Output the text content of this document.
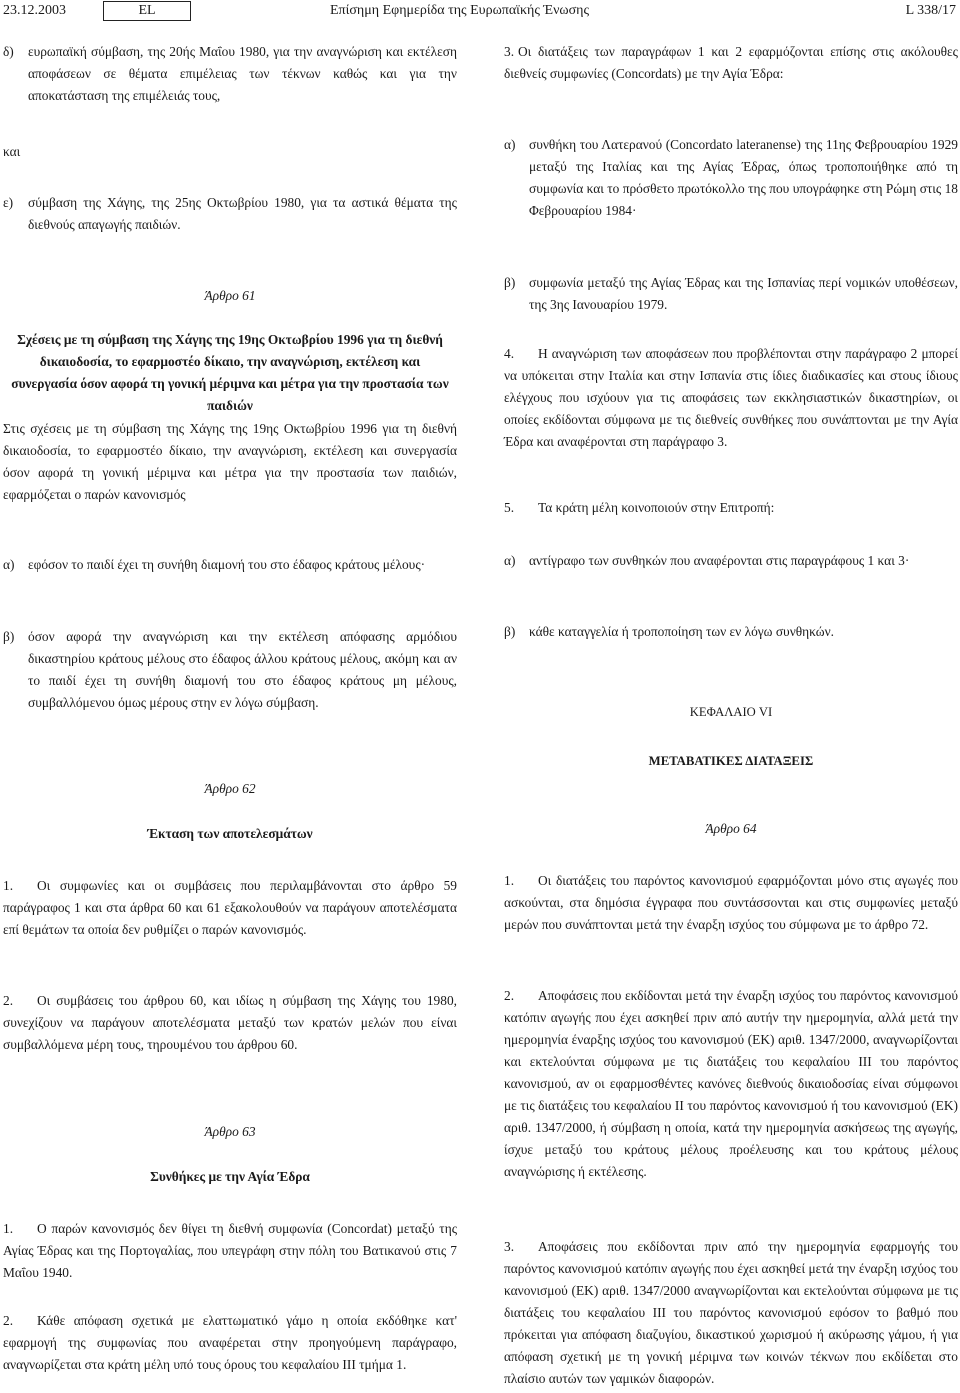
23.12.2003	EL	Επίσημη Εφημερίδα της Ευρωπαϊκής Ένωσης	L 338/17
δ)	ευρωπαϊκή σύμβαση, της 20ής Μαΐου 1980, για την αναγνώριση και εκτέλεση αποφάσεων σε θέματα επιμέλειας των τέκνων καθώς και για την αποκατάσταση της επιμέλειάς τους,
και
ε)	σύμβαση της Χάγης, της 25ης Οκτωβρίου 1980, για τα αστικά θέματα της διεθνούς απαγωγής παιδιών.
Άρθρο 61
Σχέσεις με τη σύμβαση της Χάγης της 19ης Οκτωβρίου 1996 για τη διεθνή δικαιοδοσία, το εφαρμοστέο δίκαιο, την αναγνώριση, εκτέλεση και συνεργασία όσον αφορά τη γονική μέριμνα και μέτρα για την προστασία των παιδιών
Στις σχέσεις με τη σύμβαση της Χάγης της 19ης Οκτωβρίου 1996 για τη διεθνή δικαιοδοσία, το εφαρμοστέο δίκαιο, την αναγνώριση, εκτέλεση και συνεργασία όσον αφορά τη γονική μέριμνα και μέτρα για την προστασία των παιδιών, εφαρμόζεται ο παρών κανονισμός
α)	εφόσον το παιδί έχει τη συνήθη διαμονή του στο έδαφος κράτους μέλους·
β)	όσον αφορά την αναγνώριση και την εκτέλεση απόφασης αρμόδιου δικαστηρίου κράτους μέλους στο έδαφος άλλου κράτους μέλους, ακόμη και αν το παιδί έχει τη συνήθη διαμονή του στο έδαφος κράτους μη μέλους, συμβαλλόμενου όμως μέρους στην εν λόγω σύμβαση.
Άρθρο 62
Έκταση των αποτελεσμάτων
1. Οι συμφωνίες και οι συμβάσεις που περιλαμβάνονται στο άρθρο 59 παράγραφος 1 και στα άρθρα 60 και 61 εξακολουθούν να παράγουν αποτελέσματα επί θεμάτων τα οποία δεν ρυθμίζει ο παρών κανονισμός.
2. Οι συμβάσεις του άρθρου 60, και ιδίως η σύμβαση της Χάγης του 1980, συνεχίζουν να παράγουν αποτελέσματα μεταξύ των κρατών μελών που είναι συμβαλλόμενα μέρη τους, τηρουμένου του άρθρου 60.
Άρθρο 63
Συνθήκες με την Αγία Έδρα
1. Ο παρών κανονισμός δεν θίγει τη διεθνή συμφωνία (Concordat) μεταξύ της Αγίας Έδρας και της Πορτογαλίας, που υπεγράφη στην πόλη του Βατικανού στις 7 Μαΐου 1940.
2. Κάθε απόφαση σχετικά με ελαττωματικό γάμο η οποία εκδόθηκε κατ' εφαρμογή της συμφωνίας που αναφέρεται στην προηγούμενη παράγραφο, αναγνωρίζεται στα κράτη μέλη υπό τους όρους του κεφαλαίου ΙΙΙ τμήμα 1.
3. Οι διατάξεις των παραγράφων 1 και 2 εφαρμόζονται επίσης στις ακόλουθες διεθνείς συμφωνίες (Concordats) με την Αγία Έδρα:
α)	συνθήκη του Λατερανού (Concordato lateranense) της 11ης Φεβρουαρίου 1929 μεταξύ της Ιταλίας και της Αγίας Έδρας, όπως τροποποιήθηκε από τη συμφωνία και το πρόσθετο πρωτόκολλο της που υπογράφηκε στη Ρώμη στις 18 Φεβρουαρίου 1984·
β)	συμφωνία μεταξύ της Αγίας Έδρας και της Ισπανίας περί νομικών υποθέσεων, της 3ης Ιανουαρίου 1979.
4. Η αναγνώριση των αποφάσεων που προβλέπονται στην παράγραφο 2 μπορεί να υπόκειται στην Ιταλία και στην Ισπανία στις ίδιες διαδικασίες και στους ίδιους ελέγχους που ισχύουν για τις αποφάσεις των εκκλησιαστικών δικαστηρίων, οι οποίες εκδίδονται σύμφωνα με τις διεθνείς συνθήκες που συνάπτονται με την Αγία Έδρα και αναφέρονται στη παράγραφο 3.
5. Τα κράτη μέλη κοινοποιούν στην Επιτροπή:
α)	αντίγραφο των συνθηκών που αναφέρονται στις παραγράφους 1 και 3·
β)	κάθε καταγγελία ή τροποποίηση των εν λόγω συνθηκών.
ΚΕΦΑΛΑΙΟ VI
ΜΕΤΑΒΑΤΙΚΕΣ ΔΙΑΤΑΞΕΙΣ
Άρθρο 64
1. Οι διατάξεις του παρόντος κανονισμού εφαρμόζονται μόνο στις αγωγές που ασκούνται, στα δημόσια έγγραφα που συντάσσονται και στις συμφωνίες μεταξύ μερών που συνάπτονται μετά την έναρξη ισχύος του σύμφωνα με το άρθρο 72.
2. Αποφάσεις που εκδίδονται μετά την έναρξη ισχύος του παρόντος κανονισμού κατόπιν αγωγής που έχει ασκηθεί πριν από αυτήν την ημερομηνία, αλλά μετά την ημερομηνία έναρξης ισχύος του κανονισμού (ΕΚ) αριθ. 1347/2000, αναγνωρίζονται και εκτελούνται σύμφωνα με τις διατάξεις του κεφαλαίου ΙΙΙ του παρόντος κανονισμού, αν οι εφαρμοσθέντες κανόνες διεθνούς δικαιοδοσίας είναι σύμφωνοι με τις διατάξεις του κεφαλαίου ΙΙ του παρόντος κανονισμού ή του κανονισμού (ΕΚ) αριθ. 1347/2000, ή σύμβαση η οποία, κατά την ημερομηνία ασκήσεως της αγωγής, ίσχυε μεταξύ του κράτους μέλους προέλευσης και του κράτους μέλους αναγνώρισης ή εκτέλεσης.
3. Αποφάσεις που εκδίδονται πριν από την ημερομηνία εφαρμογής του παρόντος κανονισμού κατόπιν αγωγής που έχει ασκηθεί μετά την έναρξη ισχύος του κανονισμού (ΕΚ) αριθ. 1347/2000 αναγνωρίζονται και εκτελούνται σύμφωνα με τις διατάξεις του κεφαλαίου ΙΙΙ του παρόντος κανονισμού εφόσον το βαθμό που πρόκειται για απόφαση διαζυγίου, δικαστικού χωρισμού ή ακύρωσης γάμου, ή για απόφαση σχετική με τη γονική μέριμνα των κοινών τέκνων που εκδίδεται στο πλαίσιο αυτών των γαμικών διαφορών.
